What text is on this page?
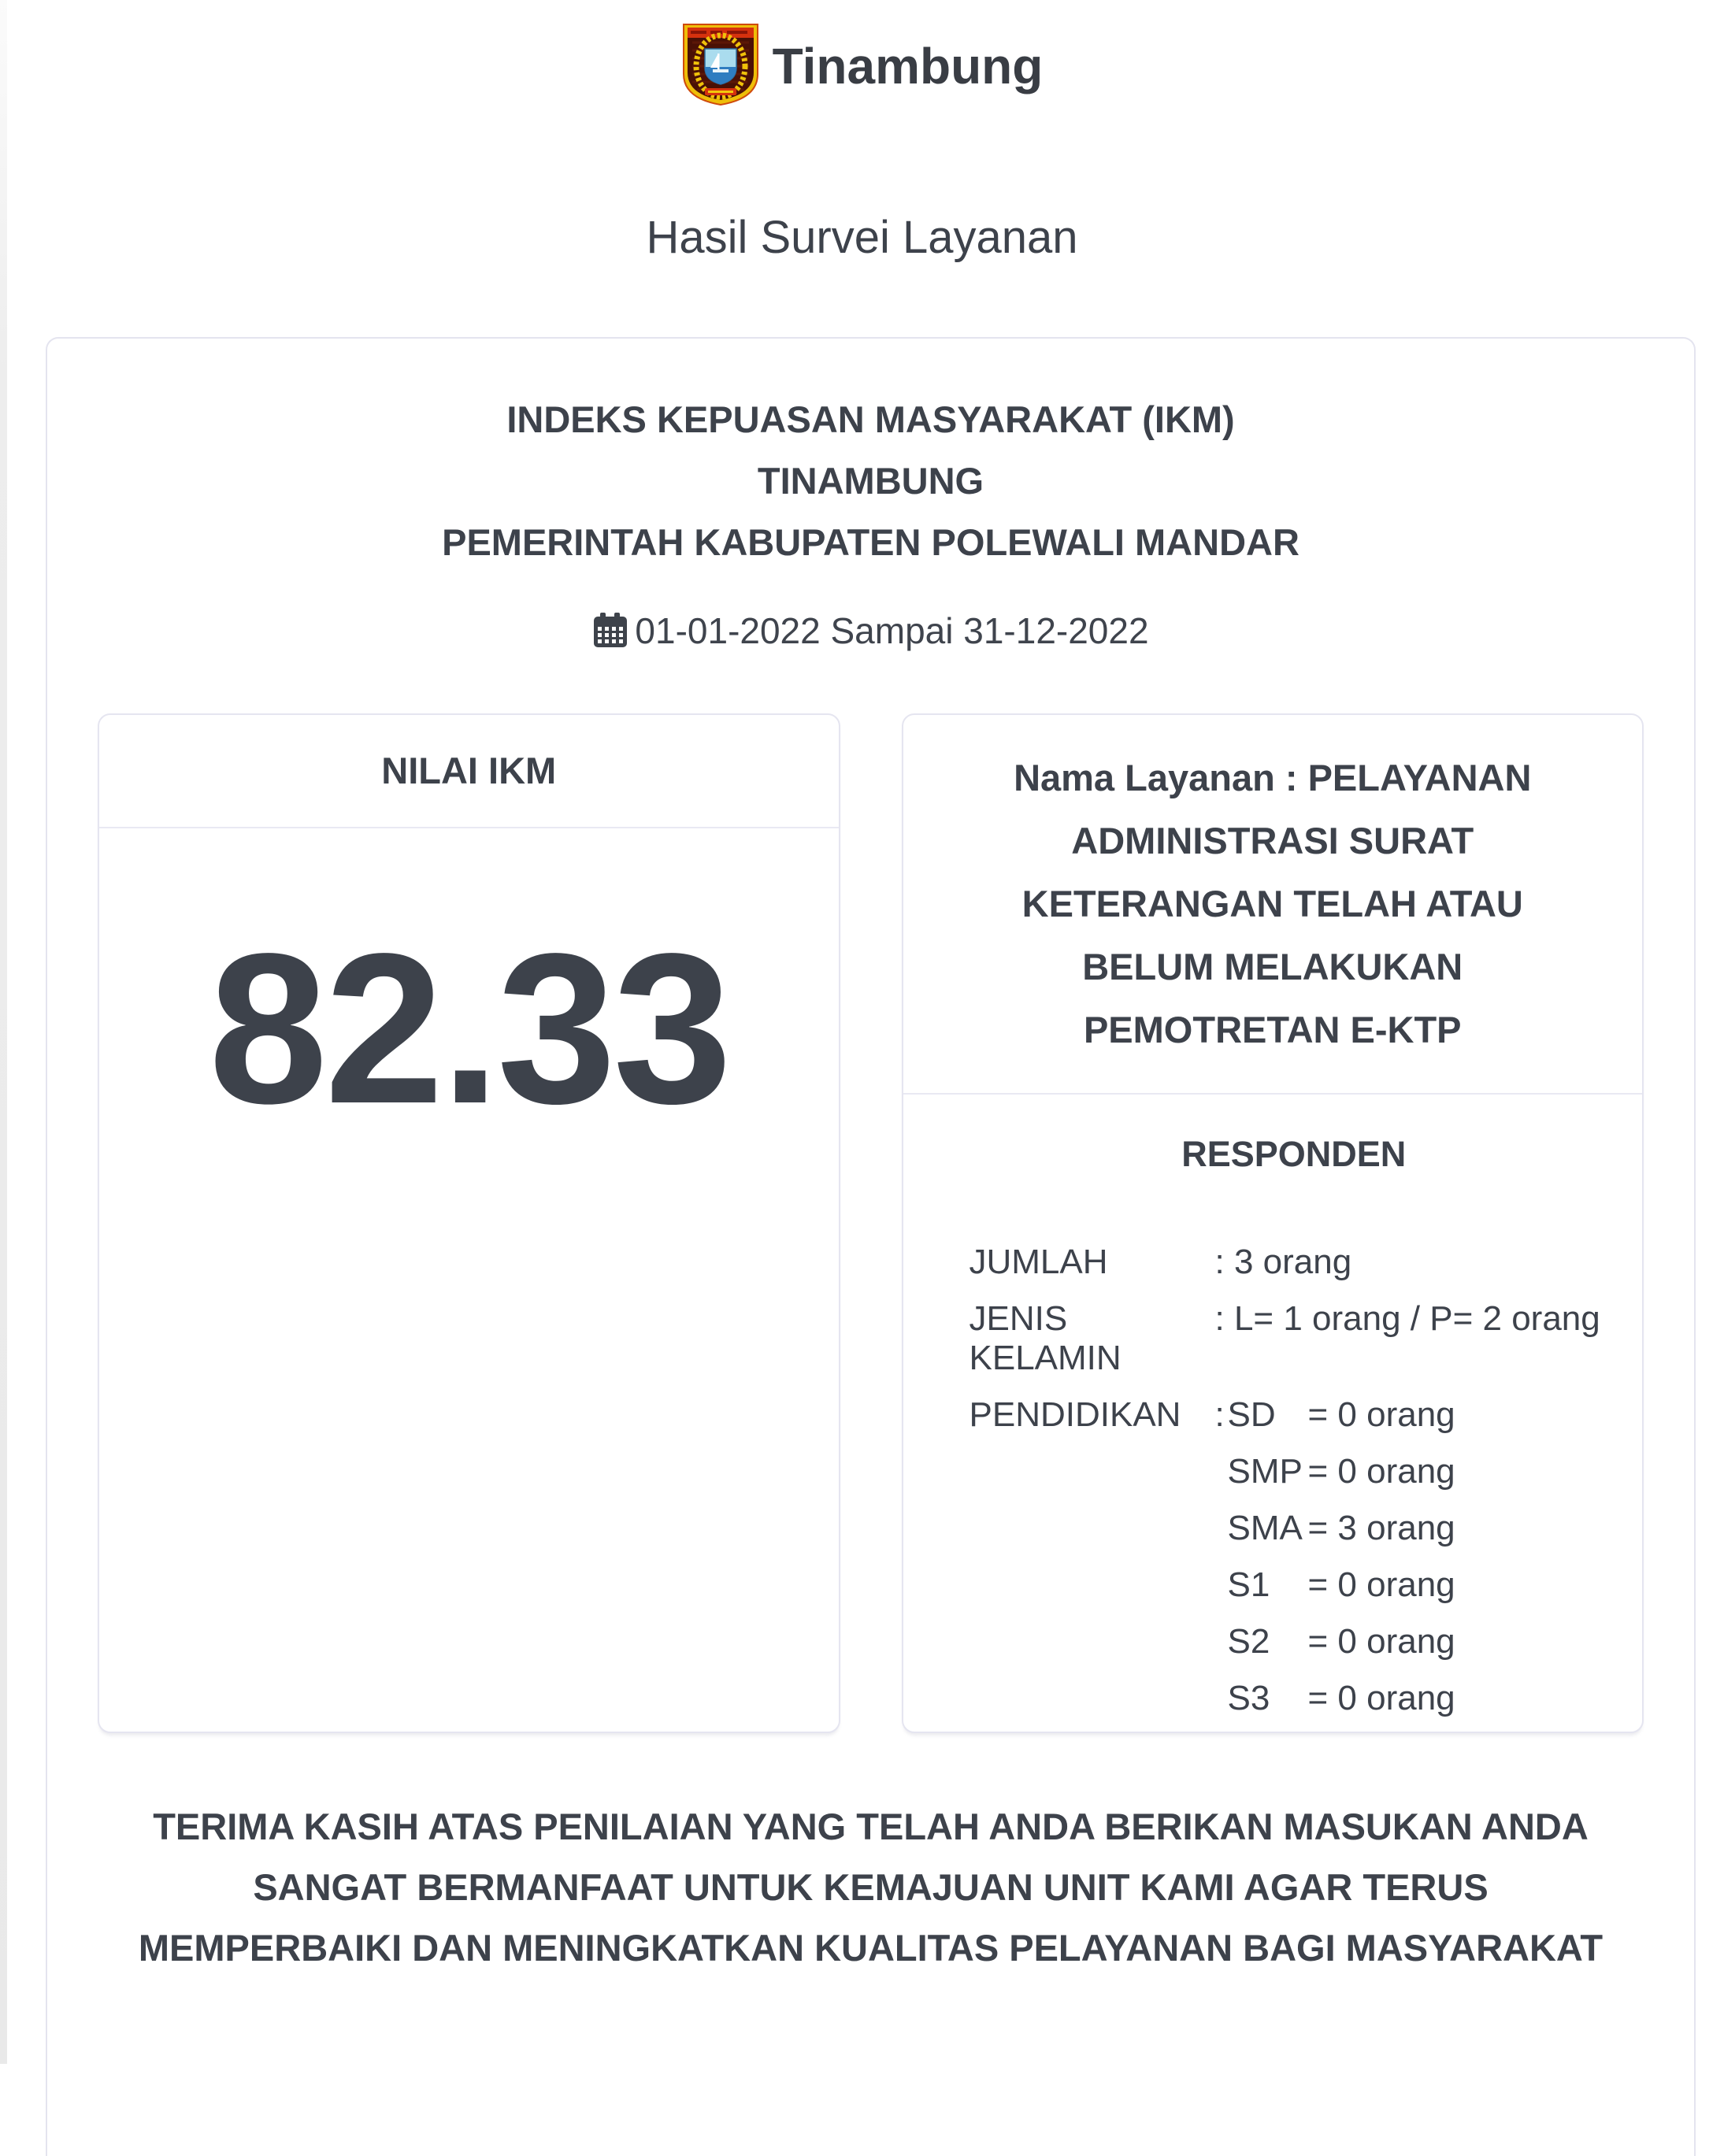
Tinambung
Hasil Survei Layanan
INDEKS KEPUASAN MASYARAKAT (IKM)
TINAMBUNG
PEMERINTAH KABUPATEN POLEWALI MANDAR
01-01-2022 Sampai 31-12-2022
NILAI IKM
82.33
Nama Layanan : PELAYANAN
ADMINISTRASI SURAT
KETERANGAN TELAH ATAU
BELUM MELAKUKAN
PEMOTRETAN E-KTP
RESPONDEN
JUMLAH	: 3 orang
JENIS KELAMIN
: L= 1 orang / P= 2 orang
PENDIDIKAN : SD = 0 orang
SMP = 0 orang
SMA = 3 orang
S1	= 0 orang
S2	= 0 orang
S3	= 0 orang
TERIMA KASIH ATAS PENILAIAN YANG TELAH ANDA BERIKAN MASUKAN ANDA
SANGAT BERMANFAAT UNTUK KEMAJUAN UNIT KAMI AGAR TERUS
MEMPERBAIKI DAN MENINGKATKAN KUALITAS PELAYANAN BAGI MASYARAKAT
